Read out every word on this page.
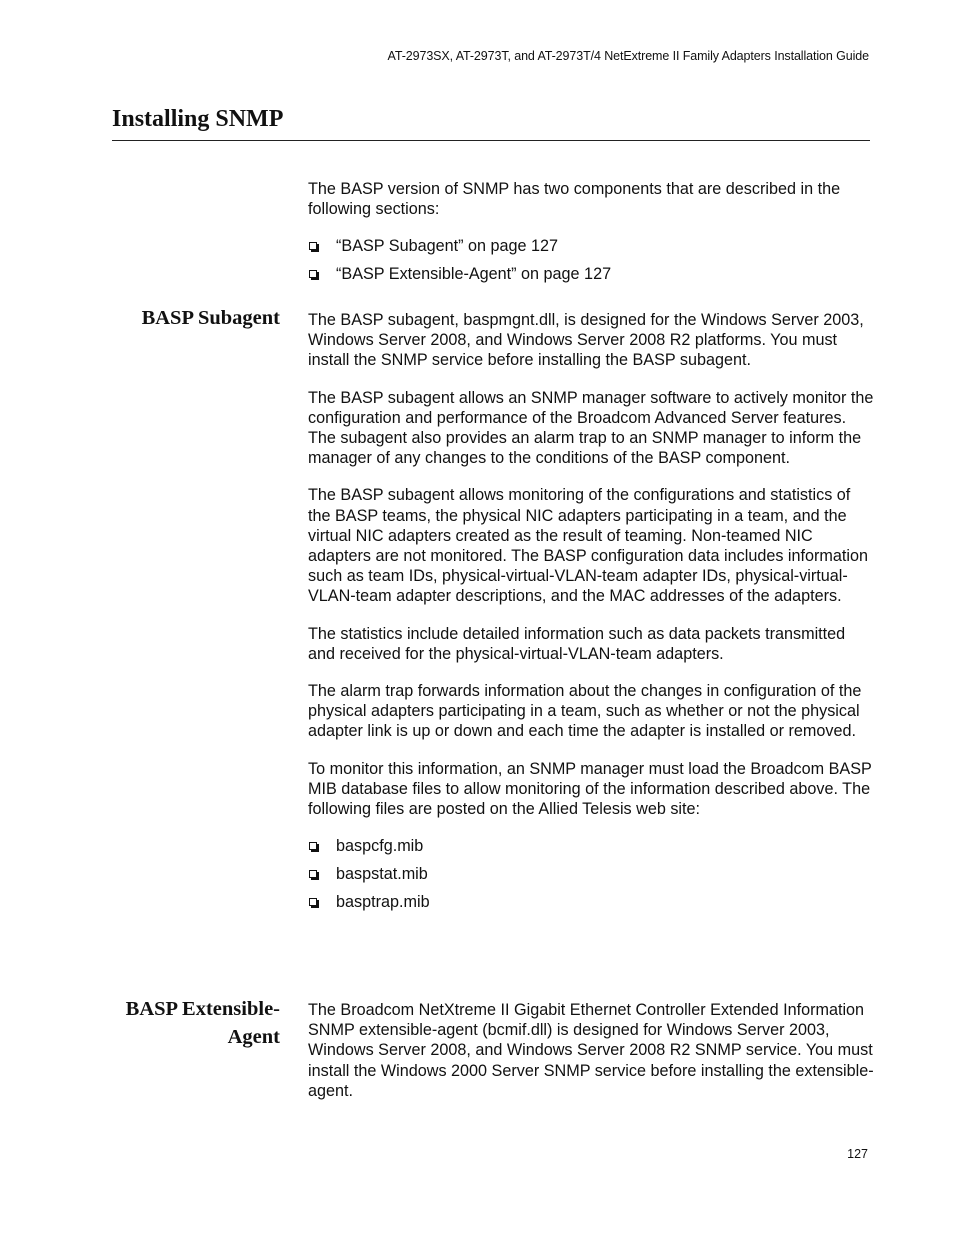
AT-2973SX, AT-2973T, and AT-2973T/4 NetExtreme II Family Adapters Installation Guide
Installing SNMP

The BASP version of SNMP has two components that are described in the following sections:

“BASP Subagent” on page 127
“BASP Extensible-Agent” on page 127
BASP Subagent The BASP subagent, baspmgnt.dll, is designed for the Windows Server 2003, Windows Server 2008, and Windows Server 2008 R2 platforms. You must install the SNMP service before installing the BASP subagent.

The BASP subagent allows an SNMP manager software to actively monitor the configuration and performance of the Broadcom Advanced Server features. The subagent also provides an alarm trap to an SNMP manager to inform the manager of any changes to the conditions of the BASP component.

The BASP subagent allows monitoring of the configurations and statistics of the BASP teams, the physical NIC adapters participating in a team, and the virtual NIC adapters created as the result of teaming. Non-teamed NIC adapters are not monitored. The BASP configuration data includes information such as team IDs, physical-virtual-VLAN-team adapter IDs, physical-virtual-VLAN-team adapter descriptions, and the MAC addresses of the adapters.

The statistics include detailed information such as data packets transmitted and received for the physical-virtual-VLAN-team adapters.

The alarm trap forwards information about the changes in configuration of the physical adapters participating in a team, such as whether or not the physical adapter link is up or down and each time the adapter is installed or removed.

To monitor this information, an SNMP manager must load the Broadcom BASP MIB database files to allow monitoring of the information described above. The following files are posted on the Allied Telesis web site:

baspcfg.mib
baspstat.mib
basptrap.mib
BASP Extensible-
Agent

The Broadcom NetXtreme II Gigabit Ethernet Controller Extended Information SNMP extensible-agent (bcmif.dll) is designed for Windows Server 2003, Windows Server 2008, and Windows Server 2008 R2 SNMP service. You must install the Windows 2000 Server SNMP service before installing the extensible-agent.

127
